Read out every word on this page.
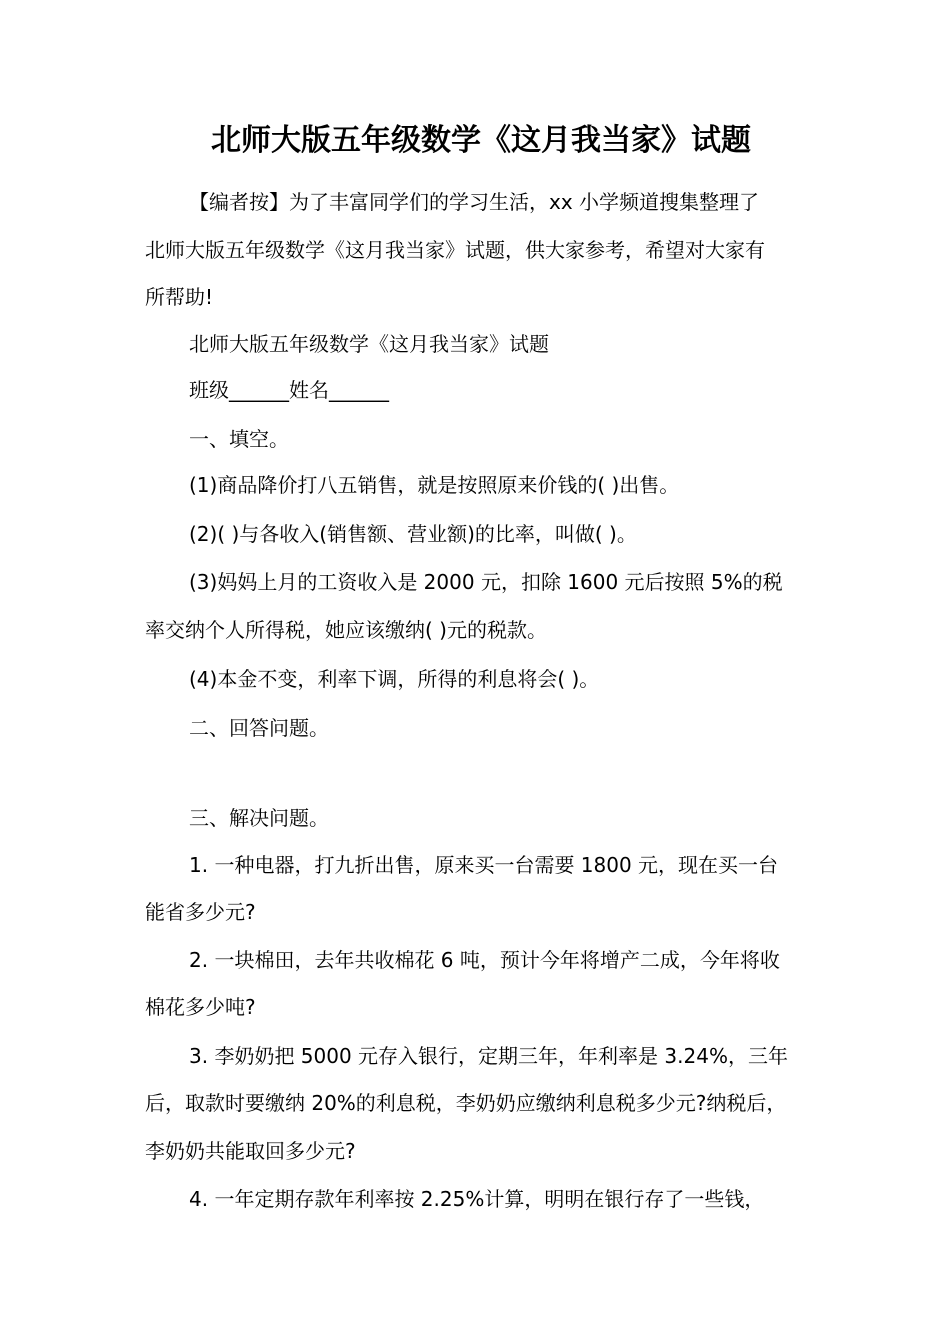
北师大版五年级数学《这月我当家》试题

【编者按】为了丰富同学们的学习生活，xx 小学频道搜集整理了

北师大版五年级数学《这月我当家》试题，供大家参考，希望对大家有

所帮助!

北师大版五年级数学《这月我当家》试题

班级______姓名______

一、填空。

(1)商品降价打八五销售，就是按照原来价钱的( )出售。

(2)( )与各收入(销售额、营业额)的比率，叫做( )。

(3)妈妈上月的工资收入是 2000 元，扣除 1600 元后按照 5%的税

率交纳个人所得税，她应该缴纳( )元的税款。

(4)本金不变，利率下调，所得的利息将会( )。

二、回答问题。

三、解决问题。

1. 一种电器，打九折出售，原来买一台需要 1800 元，现在买一台

能省多少元?

2. 一块棉田，去年共收棉花 6 吨，预计今年将增产二成，今年将收

棉花多少吨?

3. 李奶奶把 5000 元存入银行，定期三年，年利率是 3.24%，三年

后，取款时要缴纳 20%的利息税，李奶奶应缴纳利息税多少元?纳税后，

李奶奶共能取回多少元?

4. 一年定期存款年利率按 2.25%计算，明明在银行存了一些钱，
